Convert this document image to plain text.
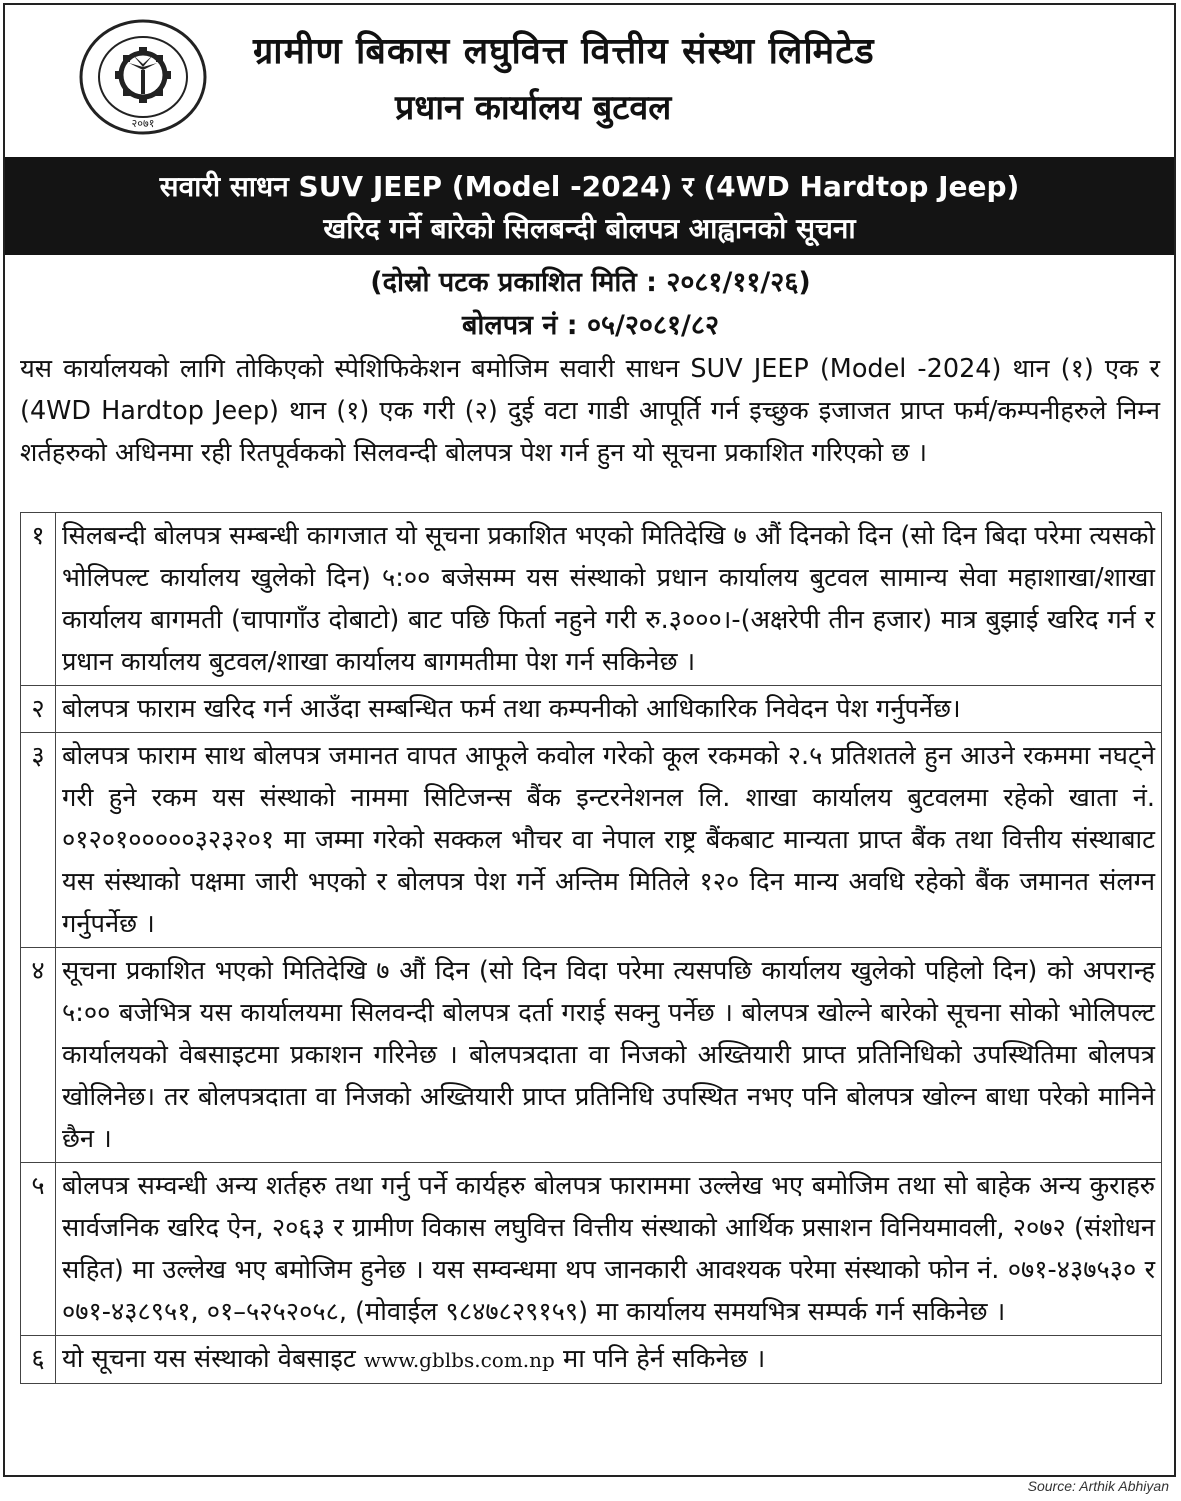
२०७१
ग्रामीण बिकास लघुवित्त वित्तीय संस्था लिमिटेड
प्रधान कार्यालय बुटवल
सवारी साधन SUV JEEP (Model -2024) र (4WD Hardtop Jeep)
खरिद गर्ने बारेको सिलबन्दी बोलपत्र आह्वानको सूचना
(दोस्रो पटक प्रकाशित मिति : २०८१/११/२६)
बोलपत्र नं : ०५/२०८१/८२
यस कार्यालयको लागि तोकिएको स्पेशिफिकेशन बमोजिम सवारी साधन SUV JEEP (Model -2024) थान (१) एक र (4WD Hardtop Jeep) थान (१) एक गरी (२) दुई वटा गाडी आपूर्ति गर्न इच्छुक इजाजत प्राप्त फर्म/कम्पनीहरुले निम्न शर्तहरुको अधिनमा रही रितपूर्वकको सिलवन्दी बोलपत्र पेश गर्न हुन यो सूचना प्रकाशित गरिएको छ ।
१	सिलबन्दी बोलपत्र सम्बन्धी कागजात यो सूचना प्रकाशित भएको मितिदेखि ७ औं दिनको दिन (सो दिन बिदा परेमा त्यसको भोलिपल्ट कार्यालय खुलेको दिन) ५:०० बजेसम्म यस संस्थाको प्रधान कार्यालय बुटवल सामान्य सेवा महाशाखा/शाखा कार्यालय बागमती (चापागाँउ दोबाटो) बाट पछि फिर्ता नहुने गरी रु.३०००।-(अक्षरेपी तीन हजार) मात्र बुझाई खरिद गर्न र प्रधान कार्यालय बुटवल/शाखा कार्यालय बागमतीमा पेश गर्न सकिनेछ ।
२	बोलपत्र फाराम खरिद गर्न आउँदा सम्बन्धित फर्म तथा कम्पनीको आधिकारिक निवेदन पेश गर्नुपर्नेछ।
३	बोलपत्र फाराम साथ बोलपत्र जमानत वापत आफूले कवोल गरेको कूल रकमको २.५ प्रतिशतले हुन आउने रकममा नघट्ने गरी हुने रकम यस संस्थाको नाममा सिटिजन्स बैंक इन्टरनेशनल लि. शाखा कार्यालय बुटवलमा रहेको खाता नं. ०१२०१०००००३२३२०१ मा जम्मा गरेको सक्कल भौचर वा नेपाल राष्ट्र बैंकबाट मान्यता प्राप्त बैंक तथा वित्तीय संस्थाबाट यस संस्थाको पक्षमा जारी भएको र बोलपत्र पेश गर्ने अन्तिम मितिले १२० दिन मान्य अवधि रहेको बैंक जमानत संलग्न गर्नुपर्नेछ ।
४	सूचना प्रकाशित भएको मितिदेखि ७ औं दिन (सो दिन विदा परेमा त्यसपछि कार्यालय खुलेको पहिलो दिन) को अपरान्ह ५:०० बजेभित्र यस कार्यालयमा सिलवन्दी बोलपत्र दर्ता गराई सक्नु पर्नेछ । बोलपत्र खोल्ने बारेको सूचना सोको भोलिपल्ट कार्यालयको वेबसाइटमा प्रकाशन गरिनेछ । बोलपत्रदाता वा निजको अख्तियारी प्राप्त प्रतिनिधिको उपस्थितिमा बोलपत्र खोलिनेछ। तर बोलपत्रदाता वा निजको अख्तियारी प्राप्त प्रतिनिधि उपस्थित नभए पनि बोलपत्र खोल्न बाधा परेको मानिने छैन ।
५	बोलपत्र सम्वन्धी अन्य शर्तहरु तथा गर्नु पर्ने कार्यहरु बोलपत्र फाराममा उल्लेख भए बमोजिम तथा सो बाहेक अन्य कुराहरु सार्वजनिक खरिद ऐन, २०६३ र ग्रामीण विकास लघुवित्त वित्तीय संस्थाको आर्थिक प्रसाशन विनियमावली, २०७२ (संशोधन सहित) मा उल्लेख भए बमोजिम हुनेछ । यस सम्वन्धमा थप जानकारी आवश्यक परेमा संस्थाको फोन नं. ०७१-४३७५३० र ०७१-४३८९५१, ०१–५२५२०५८, (मोवाईल ९८४७८२९१५९) मा कार्यालय समयभित्र सम्पर्क गर्न सकिनेछ ।
६	यो सूचना यस संस्थाको वेबसाइट www.gblbs.com.np मा पनि हेर्न सकिनेछ ।
Source: Arthik Abhiyan
